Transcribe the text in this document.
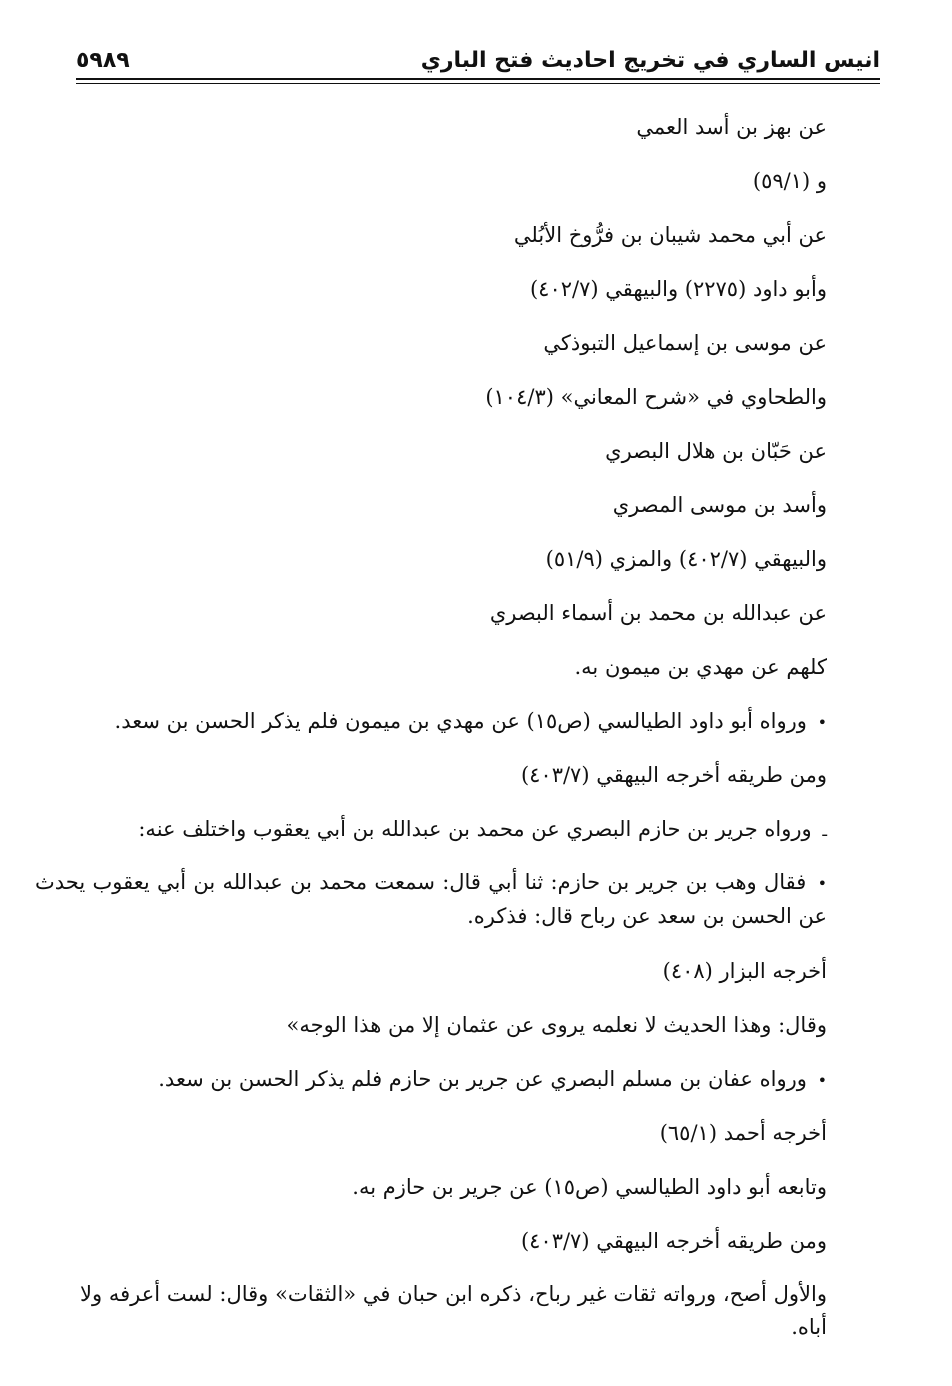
انيس الساري في تخريج احاديث فتح الباري
٥٩٨٩
عن بهز بن أسد العمي
و (٥٩/١)
عن أبي محمد شيبان بن فرُّوخ الأبُلي
وأبو داود (٢٢٧٥) والبيهقي (٤٠٢/٧)
عن موسى بن إسماعيل التبوذكي
والطحاوي في «شرح المعاني» (١٠٤/٣)
عن حَبّان بن هلال البصري
وأسد بن موسى المصري
والبيهقي (٤٠٢/٧) والمزي (٥١/٩)
عن عبدالله بن محمد بن أسماء البصري
كلهم عن مهدي بن ميمون به.
• ورواه أبو داود الطيالسي (ص١٥) عن مهدي بن ميمون فلم يذكر الحسن بن سعد.
ومن طريقه أخرجه البيهقي (٤٠٣/٧)
ـ ورواه جرير بن حازم البصري عن محمد بن عبدالله بن أبي يعقوب واختلف عنه:
• فقال وهب بن جرير بن حازم: ثنا أبي قال: سمعت محمد بن عبدالله بن أبي يعقوب يحدث عن الحسن بن سعد عن رباح قال: فذكره.
أخرجه البزار (٤٠٨)
وقال: وهذا الحديث لا نعلمه يروى عن عثمان إلا من هذا الوجه»
• ورواه عفان بن مسلم البصري عن جرير بن حازم فلم يذكر الحسن بن سعد.
أخرجه أحمد (٦٥/١)
وتابعه أبو داود الطيالسي (ص١٥) عن جرير بن حازم به.
ومن طريقه أخرجه البيهقي (٤٠٣/٧)
والأول أصح، ورواته ثقات غير رباح، ذكره ابن حبان في «الثقات» وقال: لست أعرفه ولا أباه.
